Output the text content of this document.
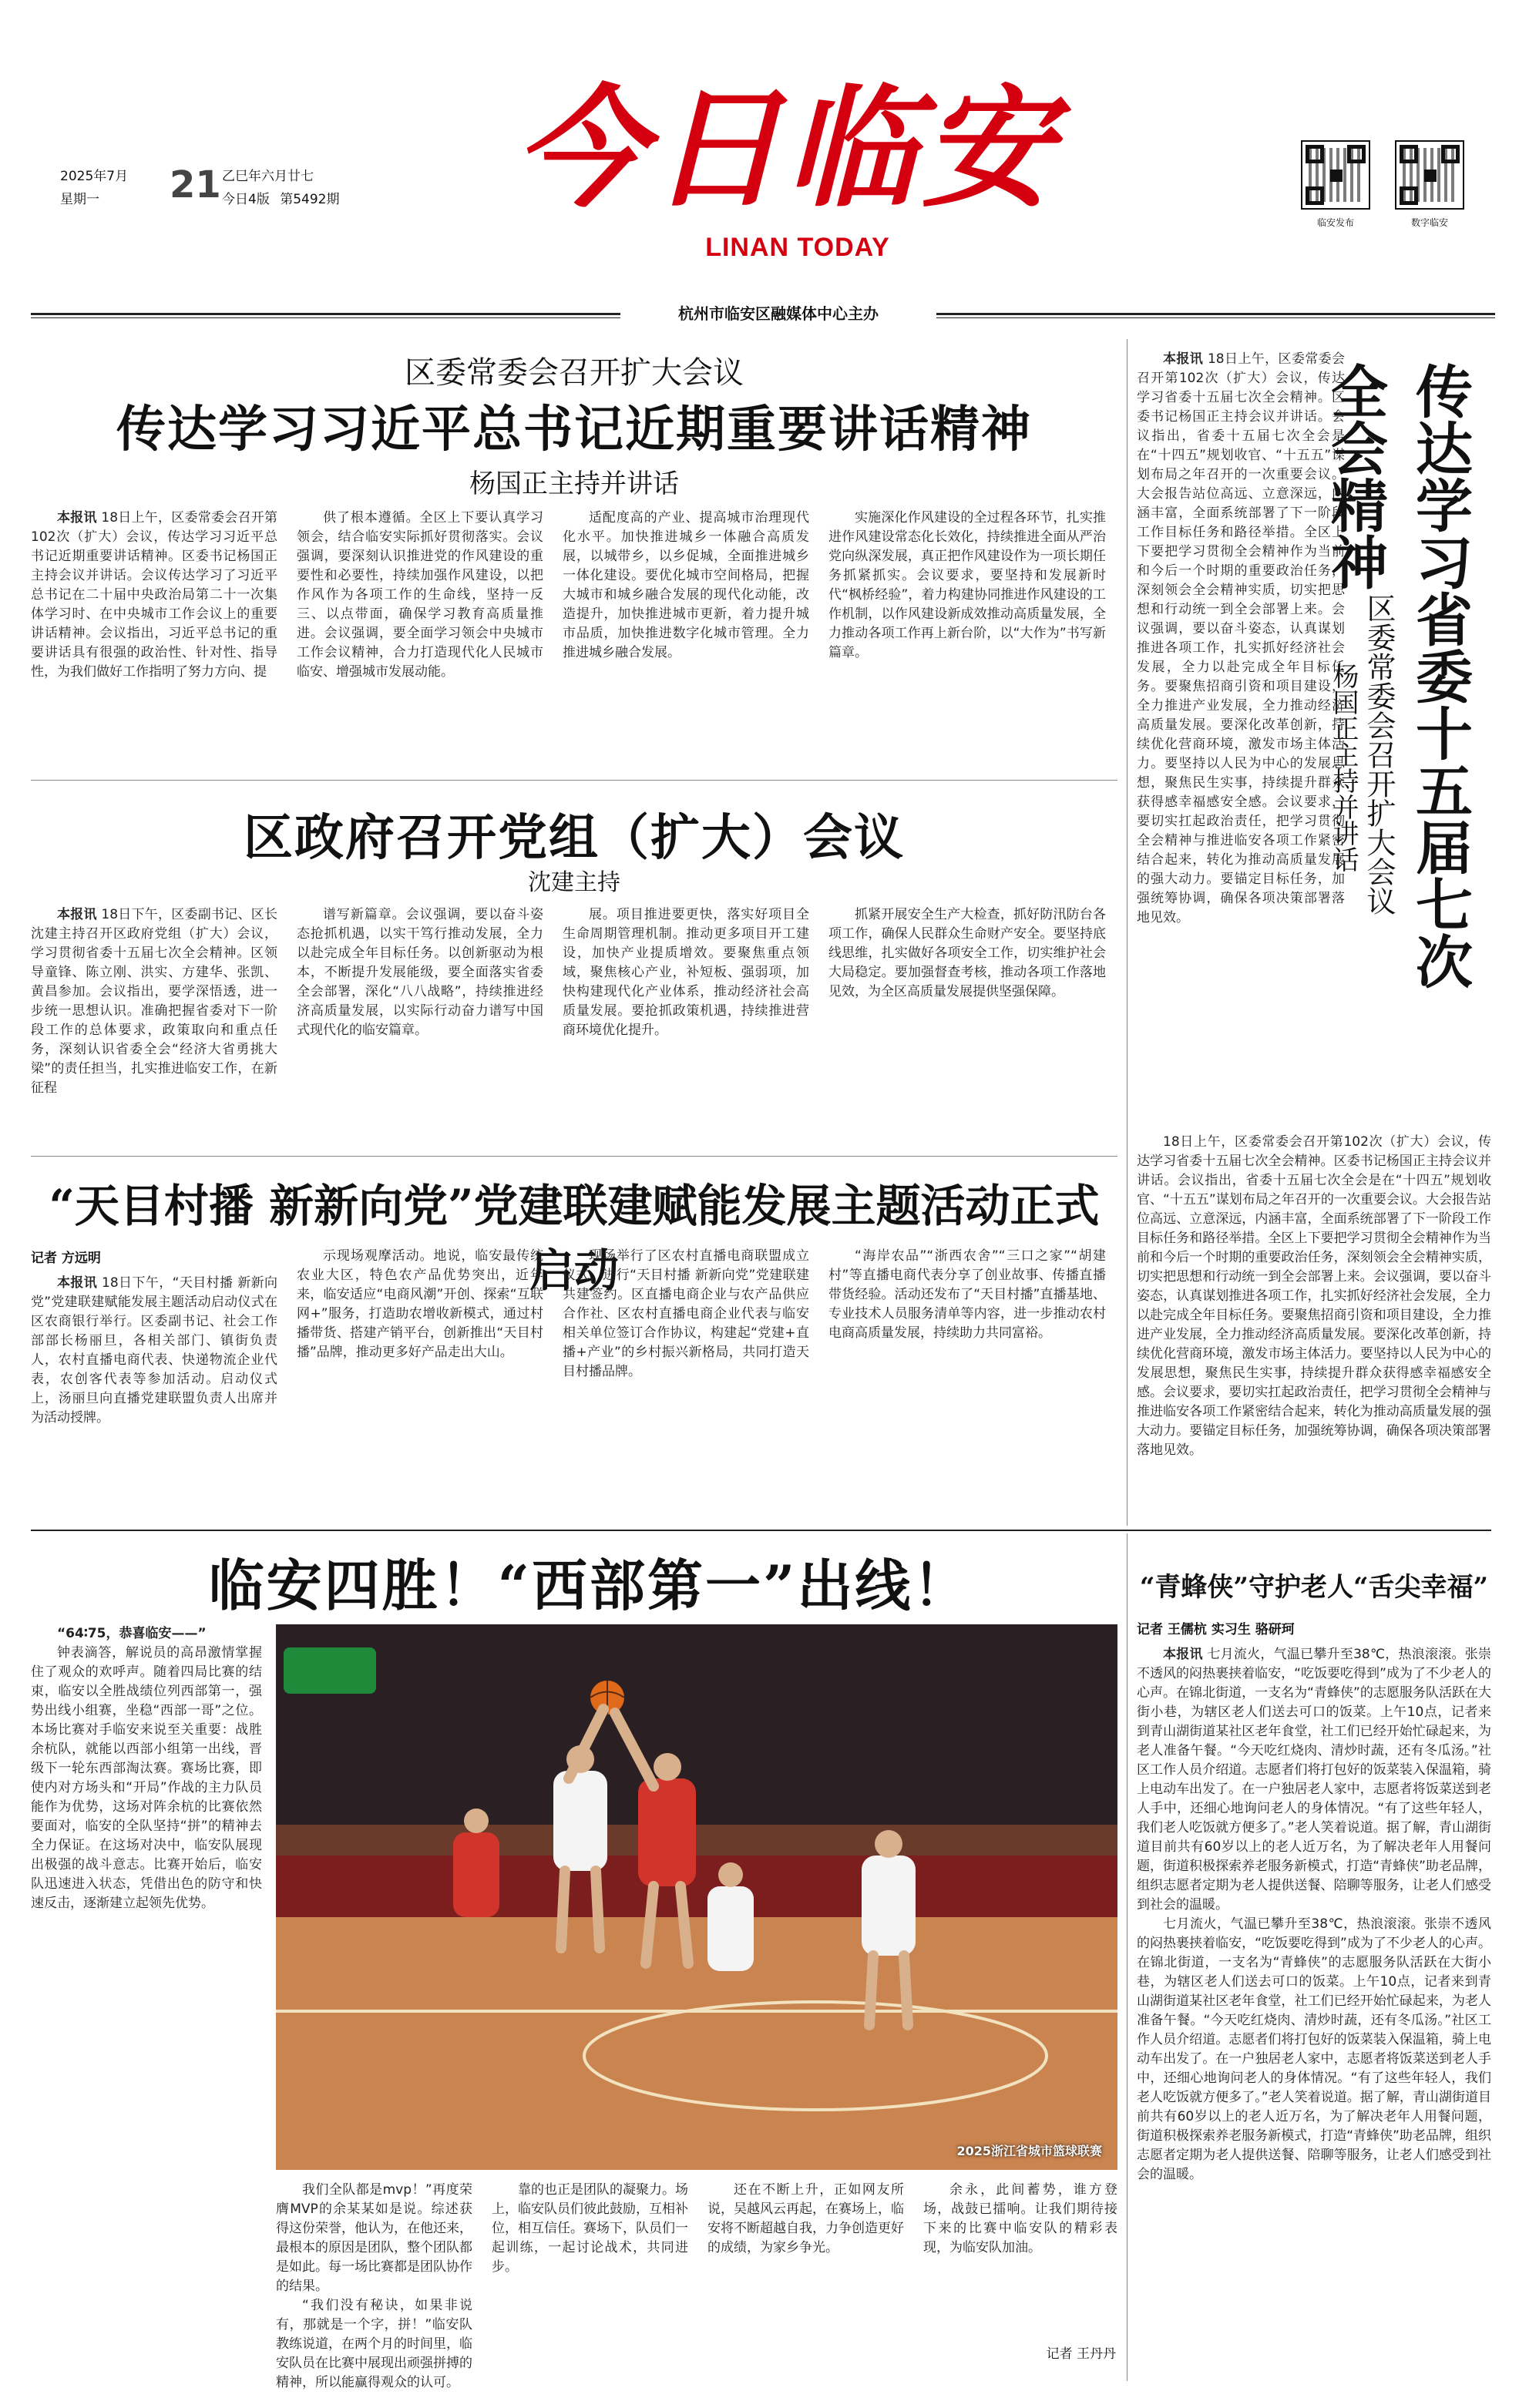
2025年7月
星期一	21 乙巳年六月廿七
今日4版 第5492期	今日临安
LINAN TODAY
临安发布	数字临安
杭州市临安区融媒体中心主办
区委常委会召开扩大会议
传达学习习近平总书记近期重要讲话精神
杨国正主持并讲话

本报讯 18日上午，区委常委会召开第102次（扩大）会议，传达学习习近平总书记近期重要讲话精神。区委书记杨国正主持会议并讲话。会议传达学习了习近平总书记在二十届中央政治局第二十一次集体学习时、在中央城市工作会议上的重要讲话精神。会议指出，习近平总书记的重要讲话具有很强的政治性、针对性、指导性，为我们做好工作指明了努力方向、提

供了根本遵循。全区上下要认真学习领会，结合临安实际抓好贯彻落实。会议强调，要深刻认识推进党的作风建设的重要性和必要性，持续加强作风建设，以把作风作为各项工作的生命线，坚持一反三、以点带面，确保学习教育高质量推进。会议强调，要全面学习领会中央城市工作会议精神，合力打造现代化人民城市临安、增强城市发展动能。

适配度高的产业、提高城市治理现代化水平。加快推进城乡一体融合高质发展，以城带乡，以乡促城，全面推进城乡一体化建设。要优化城市空间格局，把握大城市和城乡融合发展的现代化动能，改造提升，加快推进城市更新，着力提升城市品质，加快推进数字化城市管理。全力推进城乡融合发展。

实施深化作风建设的全过程各环节，扎实推进作风建设常态化长效化，持续推进全面从严治党向纵深发展，真正把作风建设作为一项长期任务抓紧抓实。会议要求，要坚持和发展新时代“枫桥经验”，着力构建协同推进作风建设的工作机制，以作风建设新成效推动高质量发展，全力推动各项工作再上新台阶，以“大作为”书写新篇章。

区政府召开党组（扩大）会议
沈建主持

本报讯 18日下午，区委副书记、区长沈建主持召开区政府党组（扩大）会议，学习贯彻省委十五届七次全会精神。区领导童锋、陈立刚、洪实、方建华、张凯、黄昌参加。会议指出，要学深悟透，进一步统一思想认识。准确把握省委对下一阶段工作的总体要求，政策取向和重点任务，深刻认识省委全会“经济大省勇挑大梁”的责任担当，扎实推进临安工作，在新征程

谱写新篇章。会议强调，要以奋斗姿态抢抓机遇，以实干笃行推动发展，全力以赴完成全年目标任务。以创新驱动为根本，不断提升发展能级，要全面落实省委全会部署，深化“八八战略”，持续推进经济高质量发展，以实际行动奋力谱写中国式现代化的临安篇章。

展。项目推进要更快，落实好项目全生命周期管理机制。推动更多项目开工建设，加快产业提质增效。要聚焦重点领域，聚焦核心产业，补短板、强弱项，加快构建现代化产业体系，推动经济社会高质量发展。要抢抓政策机遇，持续推进营商环境优化提升。

抓紧开展安全生产大检查，抓好防汛防台各项工作，确保人民群众生命财产安全。要坚持底线思维，扎实做好各项安全工作，切实维护社会大局稳定。要加强督查考核，推动各项工作落地见效，为全区高质量发展提供坚强保障。

“天目村播 新新向党”党建联建赋能发展主题活动正式启动
记者 方远明

本报讯 18日下午，“天目村播 新新向党”党建联建赋能发展主题活动启动仪式在区农商银行举行。区委副书记、社会工作部部长杨丽旦，各相关部门、镇街负责人，农村直播电商代表、快递物流企业代表，农创客代表等参加活动。启动仪式上，汤丽旦向直播党建联盟负责人出席并为活动授牌。

示现场观摩活动。地说，临安最传统农业大区，特色农产品优势突出，近年来，临安适应“电商风潮”开创、探索“互联网+”服务，打造助农增收新模式，通过村播带货、搭建产销平台，创新推出“天目村播”品牌，推动更多好产品走出大山。

现场举行了区农村直播电商联盟成立仪式，进行“天目村播 新新向党”党建联建共建签约。区直播电商企业与农产品供应合作社、区农村直播电商企业代表与临安相关单位签订合作协议，构建起“党建+直播+产业”的乡村振兴新格局，共同打造天目村播品牌。

“海岸农品”“浙西农舍”“三口之家”“胡建村”等直播电商代表分享了创业故事、传播直播带货经验。活动还发布了“天目村播”直播基地、专业技术人员服务清单等内容，进一步推动农村电商高质量发展，持续助力共同富裕。

本报讯 18日上午，区委常委会召开第102次（扩大）会议，传达学习省委十五届七次全会精神。区委书记杨国正主持会议并讲话。会议指出，省委十五届七次全会是在“十四五”规划收官、“十五五”谋划布局之年召开的一次重要会议。大会报告站位高远、立意深远，内涵丰富，全面系统部署了下一阶段工作目标任务和路径举措。全区上下要把学习贯彻全会精神作为当前和今后一个时期的重要政治任务，深刻领会全会精神实质，切实把思想和行动统一到全会部署上来。会议强调，要以奋斗姿态，认真谋划推进各项工作，扎实抓好经济社会发展，全力以赴完成全年目标任务。要聚焦招商引资和项目建设，全力推进产业发展，全力推动经济高质量发展。要深化改革创新，持续优化营商环境，激发市场主体活力。要坚持以人民为中心的发展思想，聚焦民生实事，持续提升群众获得感幸福感安全感。会议要求，要切实扛起政治责任，把学习贯彻全会精神与推进临安各项工作紧密结合起来，转化为推动高质量发展的强大动力。要锚定目标任务，加强统筹协调，确保各项决策部署落地见效。	传达学习省委十五届七次全会精神
区委常委会召开扩大会议
杨国正主持并讲话

18日上午，区委常委会召开第102次（扩大）会议，传达学习省委十五届七次全会精神。区委书记杨国正主持会议并讲话。会议指出，省委十五届七次全会是在“十四五”规划收官、“十五五”谋划布局之年召开的一次重要会议。大会报告站位高远、立意深远，内涵丰富，全面系统部署了下一阶段工作目标任务和路径举措。全区上下要把学习贯彻全会精神作为当前和今后一个时期的重要政治任务，深刻领会全会精神实质，切实把思想和行动统一到全会部署上来。会议强调，要以奋斗姿态，认真谋划推进各项工作，扎实抓好经济社会发展，全力以赴完成全年目标任务。要聚焦招商引资和项目建设，全力推进产业发展，全力推动经济高质量发展。要深化改革创新，持续优化营商环境，激发市场主体活力。要坚持以人民为中心的发展思想，聚焦民生实事，持续提升群众获得感幸福感安全感。会议要求，要切实扛起政治责任，把学习贯彻全会精神与推进临安各项工作紧密结合起来，转化为推动高质量发展的强大动力。要锚定目标任务，加强统筹协调，确保各项决策部署落地见效。

临安四胜！“西部第一”出线！

“64∶75，恭喜临安——”

钟表滴答，解说员的高昂激情掌握住了观众的欢呼声。随着四局比赛的结束，临安以全胜战绩位列西部第一，强势出线小组赛，坐稳“西部一哥”之位。本场比赛对手临安来说至关重要：战胜余杭队，就能以西部小组第一出线，晋级下一轮东西部淘汰赛。赛场比赛，即使内对方场头和“开局”作战的主力队员能作为优势，这场对阵余杭的比赛依然要面对，临安的全队坚持“拼”的精神去全力保证。在这场对决中，临安队展现出极强的战斗意志。比赛开始后，临安队迅速进入状态，凭借出色的防守和快速反击，逐渐建立起领先优势。

2025浙江省城市篮球联赛

我们全队都是mvp！”再度荣膺MVP的余某某如是说。综述获得这份荣誉，他认为，在他还来，最根本的原因是团队，整个团队都是如此。每一场比赛都是团队协作的结果。

“我们没有秘诀，如果非说有，那就是一个字，拼！”临安队教练说道，在两个月的时间里，临安队员在比赛中展现出顽强拼搏的精神，所以能赢得观众的认可。

靠的也正是团队的凝聚力。场上，临安队员们彼此鼓励，互相补位，相互信任。赛场下，队员们一起训练，一起讨论战术，共同进步。

还在不断上升，正如网友所说，吴越风云再起，在赛场上，临安将不断超越自我，力争创造更好的成绩，为家乡争光。

余永，此间蓄势，谁方登场，战鼓已擂响。让我们期待接下来的比赛中临安队的精彩表现，为临安队加油。

记者 王丹丹
“青蜂侠”守护老人“舌尖幸福”
记者 王儒杭 实习生 骆研珂

本报讯 七月流火，气温已攀升至38℃，热浪滚滚。张崇不透风的闷热裹挟着临安，“吃饭要吃得到”成为了不少老人的心声。在锦北街道，一支名为“青蜂侠”的志愿服务队活跃在大街小巷，为辖区老人们送去可口的饭菜。上午10点，记者来到青山湖街道某社区老年食堂，社工们已经开始忙碌起来，为老人准备午餐。“今天吃红烧肉、清炒时蔬，还有冬瓜汤。”社区工作人员介绍道。志愿者们将打包好的饭菜装入保温箱，骑上电动车出发了。在一户独居老人家中，志愿者将饭菜送到老人手中，还细心地询问老人的身体情况。“有了这些年轻人，我们老人吃饭就方便多了。”老人笑着说道。据了解，青山湖街道目前共有60岁以上的老人近万名，为了解决老年人用餐问题，街道积极探索养老服务新模式，打造“青蜂侠”助老品牌，组织志愿者定期为老人提供送餐、陪聊等服务，让老人们感受到社会的温暖。

七月流火，气温已攀升至38℃，热浪滚滚。张崇不透风的闷热裹挟着临安，“吃饭要吃得到”成为了不少老人的心声。在锦北街道，一支名为“青蜂侠”的志愿服务队活跃在大街小巷，为辖区老人们送去可口的饭菜。上午10点，记者来到青山湖街道某社区老年食堂，社工们已经开始忙碌起来，为老人准备午餐。“今天吃红烧肉、清炒时蔬，还有冬瓜汤。”社区工作人员介绍道。志愿者们将打包好的饭菜装入保温箱，骑上电动车出发了。在一户独居老人家中，志愿者将饭菜送到老人手中，还细心地询问老人的身体情况。“有了这些年轻人，我们老人吃饭就方便多了。”老人笑着说道。据了解，青山湖街道目前共有60岁以上的老人近万名，为了解决老年人用餐问题，街道积极探索养老服务新模式，打造“青蜂侠”助老品牌，组织志愿者定期为老人提供送餐、陪聊等服务，让老人们感受到社会的温暖。
